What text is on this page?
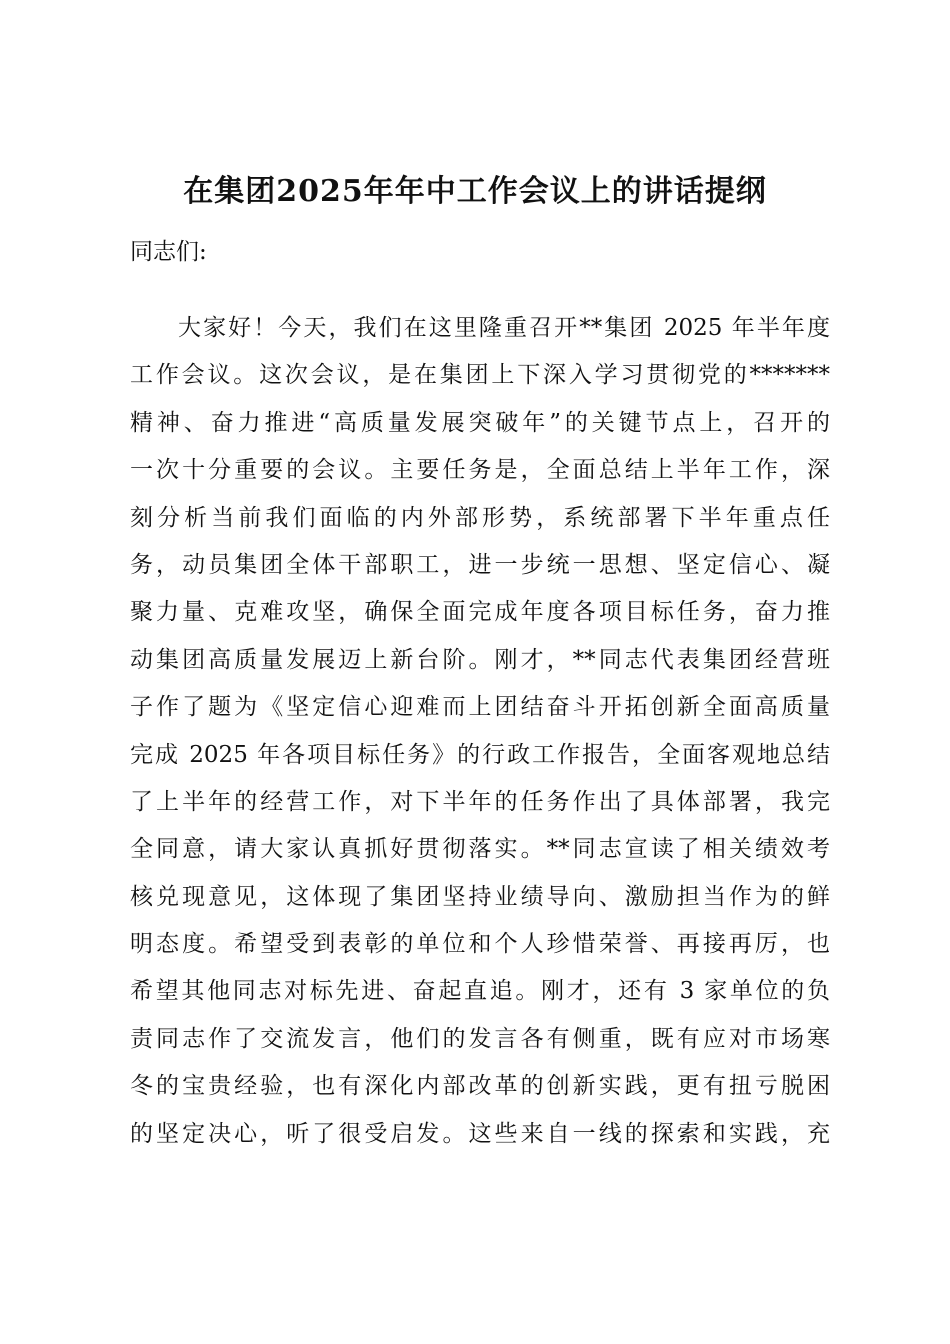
在集团2025年年中工作会议上的讲话提纲
同志们:
大家好！今天，我们在这里隆重召开**集团 2025 年半年度
工作会议。这次会议，是在集团上下深入学习贯彻党的*******
精神、奋力推进“高质量发展突破年”的关键节点上，召开的
一次十分重要的会议。主要任务是，全面总结上半年工作，深
刻分析当前我们面临的内外部形势，系统部署下半年重点任
务，动员集团全体干部职工，进一步统一思想、坚定信心、凝
聚力量、克难攻坚，确保全面完成年度各项目标任务，奋力推
动集团高质量发展迈上新台阶。刚才，**同志代表集团经营班
子作了题为《坚定信心迎难而上团结奋斗开拓创新全面高质量
完成 2025 年各项目标任务》的行政工作报告，全面客观地总结
了上半年的经营工作，对下半年的任务作出了具体部署，我完
全同意，请大家认真抓好贯彻落实。**同志宣读了相关绩效考
核兑现意见，这体现了集团坚持业绩导向、激励担当作为的鲜
明态度。希望受到表彰的单位和个人珍惜荣誉、再接再厉，也
希望其他同志对标先进、奋起直追。刚才，还有 3 家单位的负
责同志作了交流发言，他们的发言各有侧重，既有应对市场寒
冬的宝贵经验，也有深化内部改革的创新实践，更有扭亏脱困
的坚定决心，听了很受启发。这些来自一线的探索和实践，充
